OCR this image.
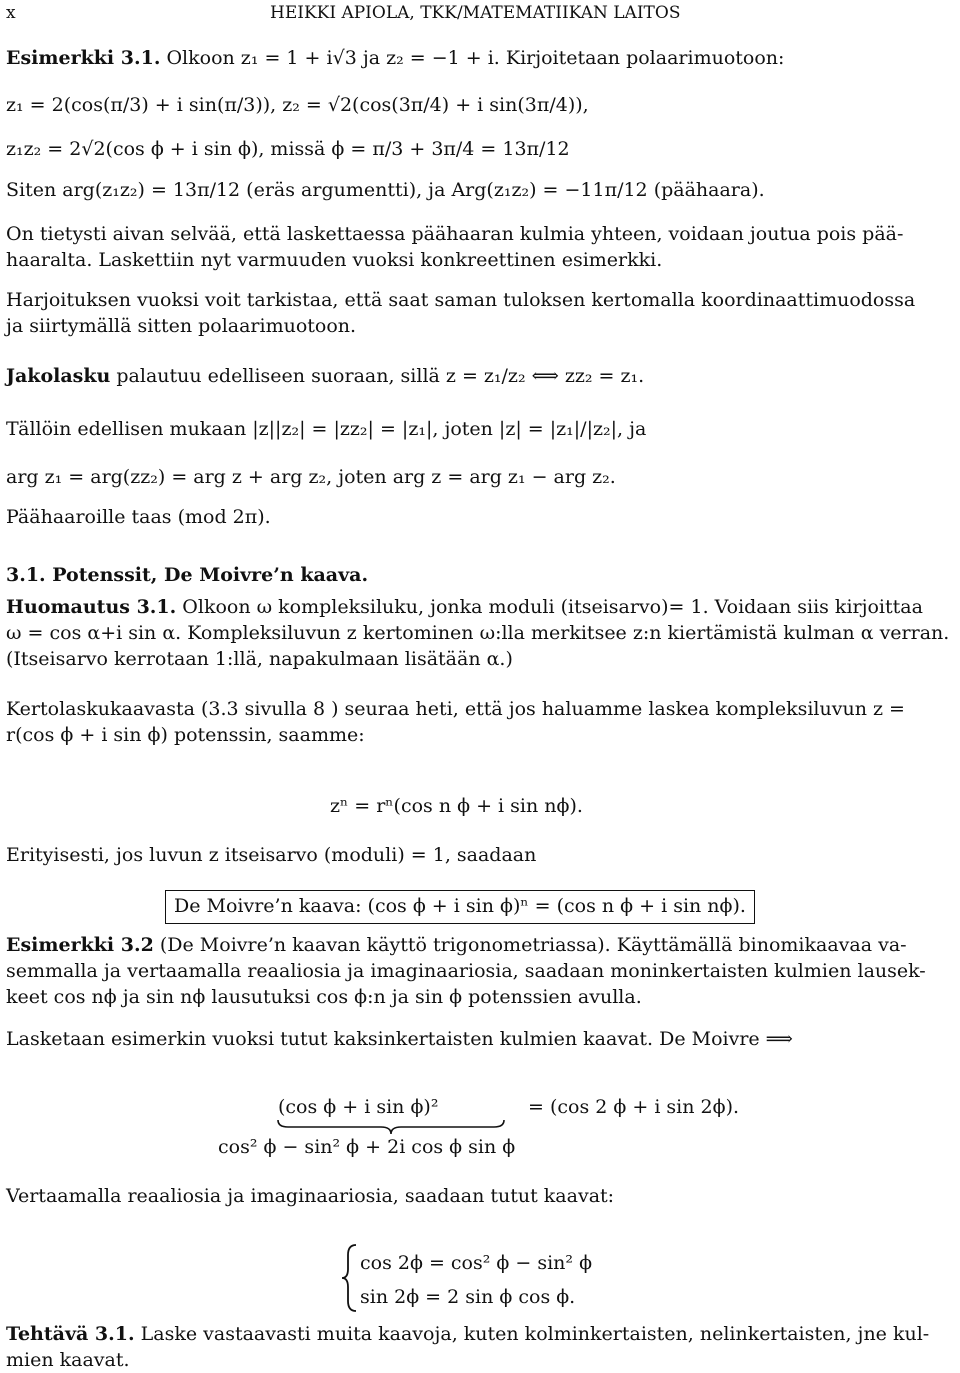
x	HEIKKI APIOLA, TKK/MATEMATIIKAN LAITOS
Esimerkki 3.1. Olkoon z₁ = 1 + i√3 ja z₂ = −1 + i. Kirjoitetaan polaarimuotoon:
z₁ = 2(cos(π/3) + i sin(π/3)), z₂ = √2(cos(3π/4) + i sin(3π/4)),
z₁z₂ = 2√2(cos ϕ + i sin ϕ), missä ϕ = π/3 + 3π/4 = 13π/12
Siten arg(z₁z₂) = 13π/12 (eräs argumentti), ja Arg(z₁z₂) = −11π/12 (päähaara).
On tietysti aivan selvää, että laskettaessa päähaaran kulmia yhteen, voidaan joutua pois pää-
haaralta. Laskettiin nyt varmuuden vuoksi konkreettinen esimerkki.
Harjoituksen vuoksi voit tarkistaa, että saat saman tuloksen kertomalla koordinaattimuodossa
ja siirtymällä sitten polaarimuotoon.
Jakolasku palautuu edelliseen suoraan, sillä z = z₁/z₂ ⟺ zz₂ = z₁.
Tällöin edellisen mukaan |z||z₂| = |zz₂| = |z₁|, joten |z| = |z₁|/|z₂|, ja
arg z₁ = arg(zz₂) = arg z + arg z₂, joten arg z = arg z₁ − arg z₂.
Päähaaroille taas (mod 2π).
3.1. Potenssit, De Moivre’n kaava.
Huomautus 3.1. Olkoon ω kompleksiluku, jonka moduli (itseisarvo)= 1. Voidaan siis kirjoittaa
ω = cos α+i sin α. Kompleksiluvun z kertominen ω:lla merkitsee z:n kiertämistä kulman α verran.
(Itseisarvo kerrotaan 1:llä, napakulmaan lisätään α.)
Kertolaskukaavasta (3.3 sivulla 8 ) seuraa heti, että jos haluamme laskea kompleksiluvun z =
r(cos ϕ + i sin ϕ) potenssin, saamme:
zⁿ = rⁿ(cos n ϕ + i sin nϕ).
Erityisesti, jos luvun z itseisarvo (moduli) = 1, saadaan
De Moivre’n kaava: (cos ϕ + i sin ϕ)ⁿ = (cos n ϕ + i sin nϕ).
Esimerkki 3.2 (De Moivre’n kaavan käyttö trigonometriassa). Käyttämällä binomikaavaa va-
semmalla ja vertaamalla reaaliosia ja imaginaariosia, saadaan moninkertaisten kulmien lausek-
keet cos nϕ ja sin nϕ lausutuksi cos ϕ:n ja sin ϕ potenssien avulla.
Lasketaan esimerkin vuoksi tutut kaksinkertaisten kulmien kaavat. De Moivre ⟹
(cos ϕ + i sin ϕ)²	= (cos 2 ϕ + i sin 2ϕ).
cos² ϕ − sin² ϕ + 2i cos ϕ sin ϕ
Vertaamalla reaaliosia ja imaginaariosia, saadaan tutut kaavat:
cos 2ϕ = cos² ϕ − sin² ϕ
sin 2ϕ = 2 sin ϕ cos ϕ.
Tehtävä 3.1. Laske vastaavasti muita kaavoja, kuten kolminkertaisten, nelinkertaisten, jne kul-
mien kaavat.
